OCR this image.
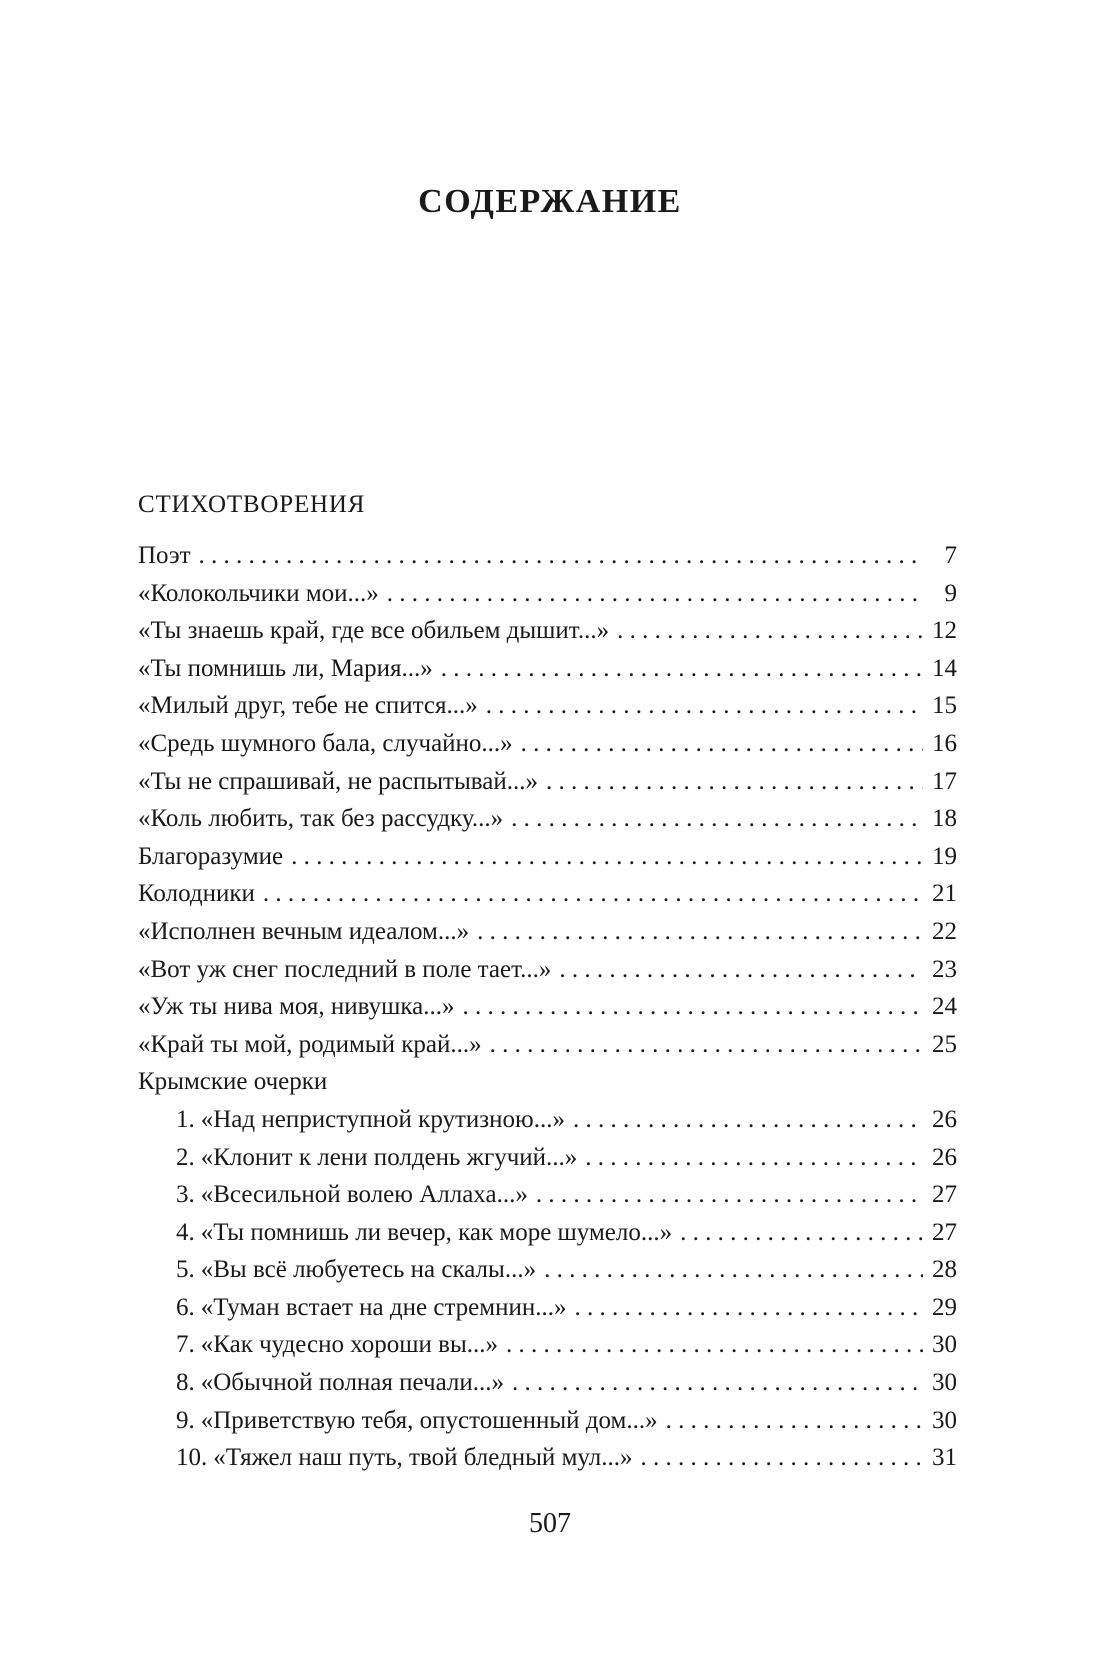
СОДЕРЖАНИЕ
СТИХОТВОРЕНИЯ
Поэт . . .	7
«Колокольчики мои...» . . .	9
«Ты знаешь край, где все обильем дышит...» . . .	12
«Ты помнишь ли, Мария...» . . .	14
«Милый друг, тебе не спится...» . . .	15
«Средь шумного бала, случайно...» . . .	16
«Ты не спрашивай, не распытывай...» . . .	17
«Коль любить, так без рассудку...» . . .	18
Благоразумие . . .	19
Колодники . . .	21
«Исполнен вечным идеалом...» . . .	22
«Вот уж снег последний в поле тает...» . . .	23
«Уж ты нива моя, нивушка...» . . .	24
«Край ты мой, родимый край...» . . .	25
Крымские очерки
1. «Над неприступной крутизною...» . . .	26
2. «Клонит к лени полдень жгучий...» . . .	26
3. «Всесильной волею Аллаха...» . . .	27
4. «Ты помнишь ли вечер, как море шумело...» . . .	27
5. «Вы всё любуетесь на скалы...» . . .	28
6. «Туман встает на дне стремнин...» . . .	29
7. «Как чудесно хороши вы...» . . .	30
8. «Обычной полная печали...» . . .	30
9. «Приветствую тебя, опустошенный дом...» . . .	30
10. «Тяжел наш путь, твой бледный мул...» . . .	31
507
